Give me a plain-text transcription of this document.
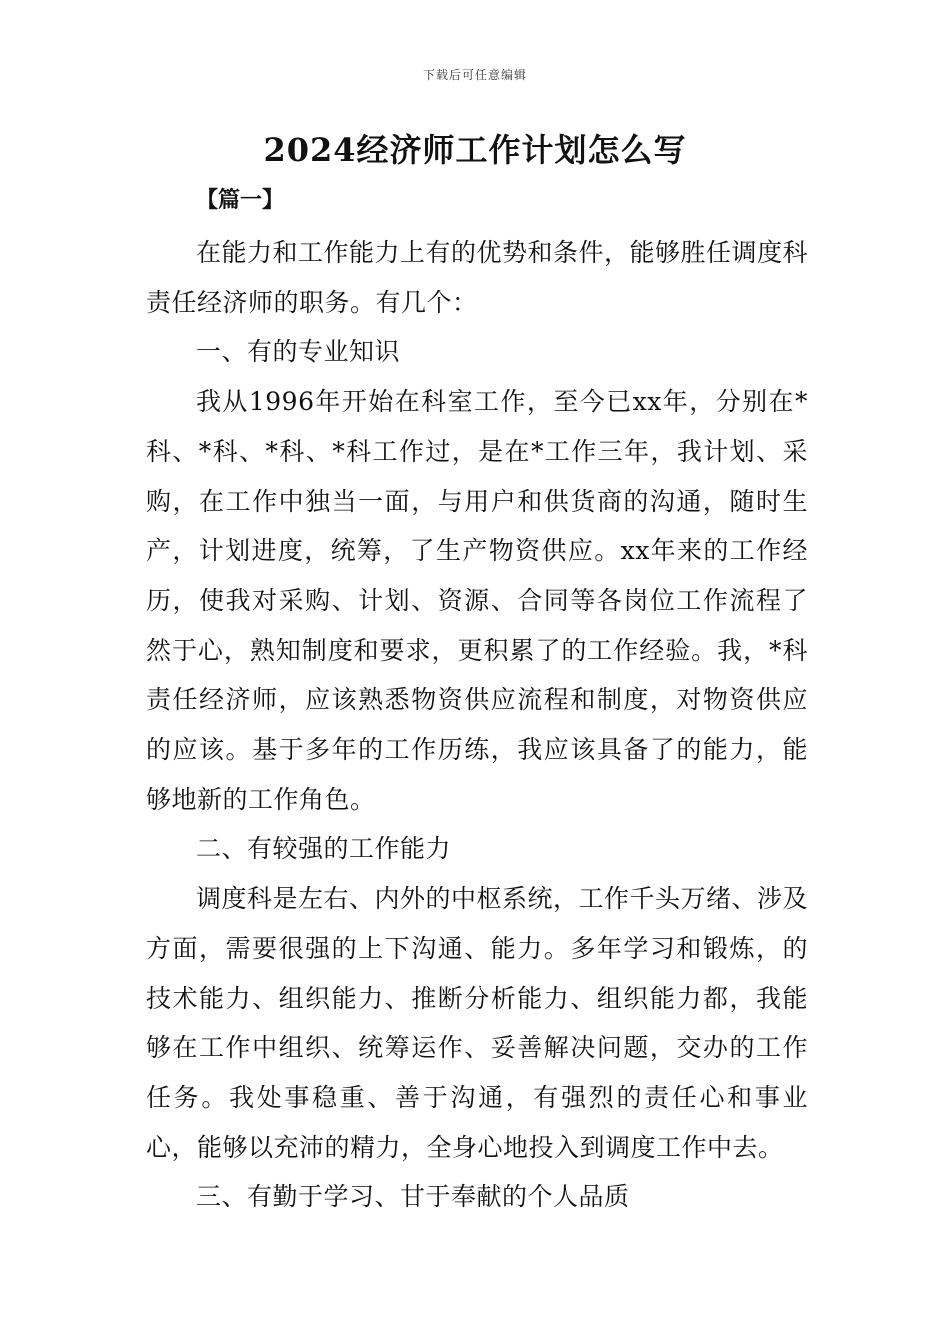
下载后可任意编辑
2024经济师工作计划怎么写
【篇一】

在能力和工作能力上有的优势和条件，能够胜任调度科责任经济师的职务。有几个：

一、有的专业知识

我从1996年开始在科室工作，至今已xx年，分别在*科、*科、*科、*科工作过，是在*工作三年，我计划、采购，在工作中独当一面，与用户和供货商的沟通，随时生产，计划进度，统筹，了生产物资供应。xx年来的工作经历，使我对采购、计划、资源、合同等各岗位工作流程了然于心，熟知制度和要求，更积累了的工作经验。我，*科责任经济师，应该熟悉物资供应流程和制度，对物资供应的应该。基于多年的工作历练，我应该具备了的能力，能够地新的工作角色。

二、有较强的工作能力

调度科是左右、内外的中枢系统，工作千头万绪、涉及方面，需要很强的上下沟通、能力。多年学习和锻炼，的技术能力、组织能力、推断分析能力、组织能力都，我能够在工作中组织、统筹运作、妥善解决问题，交办的工作任务。我处事稳重、善于沟通，有强烈的责任心和事业心，能够以充沛的精力，全身心地投入到调度工作中去。

三、有勤于学习、甘于奉献的个人品质
